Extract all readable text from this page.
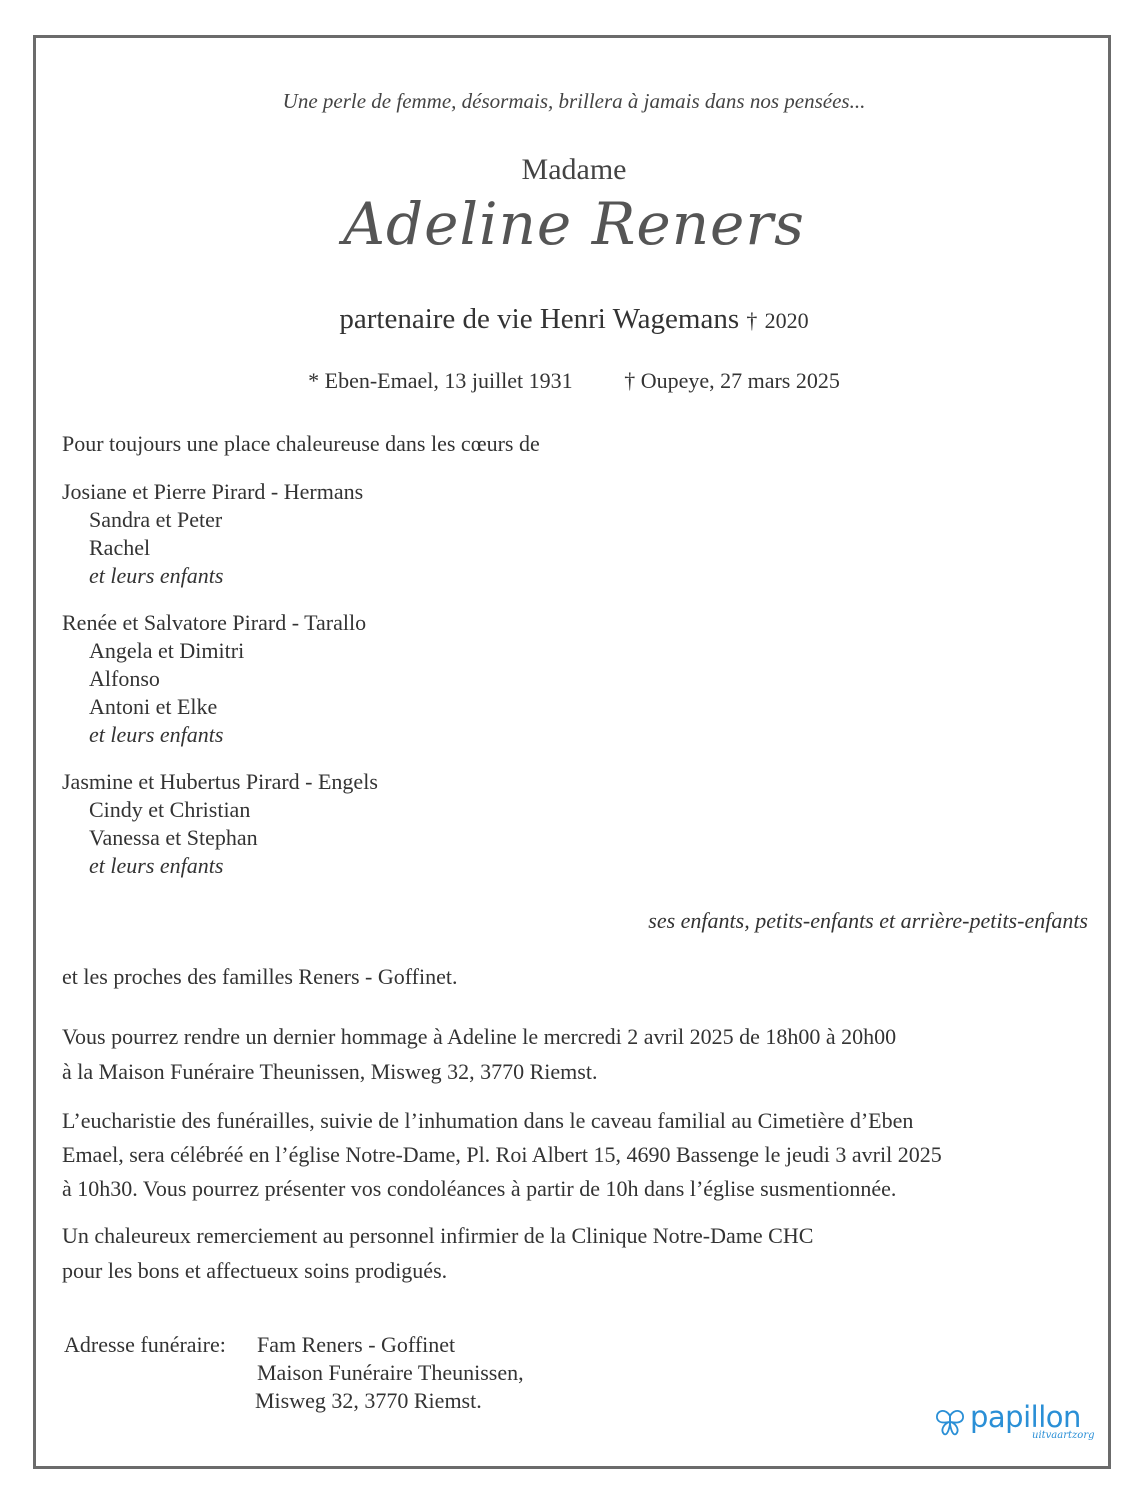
Une perle de femme, désormais, brillera à jamais dans nos pensées...
Madame
Adeline Reners
partenaire de vie Henri Wagemans † 2020
* Eben-Emael, 13 juillet 1931 † Oupeye, 27 mars 2025
Pour toujours une place chaleureuse dans les cœurs de
Josiane et Pierre Pirard - Hermans
Sandra et Peter
Rachel
et leurs enfants
Renée et Salvatore Pirard - Tarallo
Angela et Dimitri
Alfonso
Antoni et Elke
et leurs enfants
Jasmine et Hubertus Pirard - Engels
Cindy et Christian
Vanessa et Stephan
et leurs enfants
ses enfants, petits-enfants et arrière-petits-enfants
et les proches des familles Reners - Goffinet.
Vous pourrez rendre un dernier hommage à Adeline le mercredi 2 avril 2025 de 18h00 à 20h00
à la Maison Funéraire Theunissen, Misweg 32, 3770 Riemst.
L’eucharistie des funérailles, suivie de l’inhumation dans le caveau familial au Cimetière d’Eben
Emael, sera célébréé en l’église Notre-Dame, Pl. Roi Albert 15, 4690 Bassenge le jeudi 3 avril 2025
à 10h30. Vous pourrez présenter vos condoléances à partir de 10h dans l’église susmentionnée.
Un chaleureux remerciement au personnel infirmier de la Clinique Notre-Dame CHC
pour les bons et affectueux soins prodigués.
Adresse funéraire: Fam Reners - Goffinet
Maison Funéraire Theunissen,
Misweg 32, 3770 Riemst.	papillon
uitvaartzorg
